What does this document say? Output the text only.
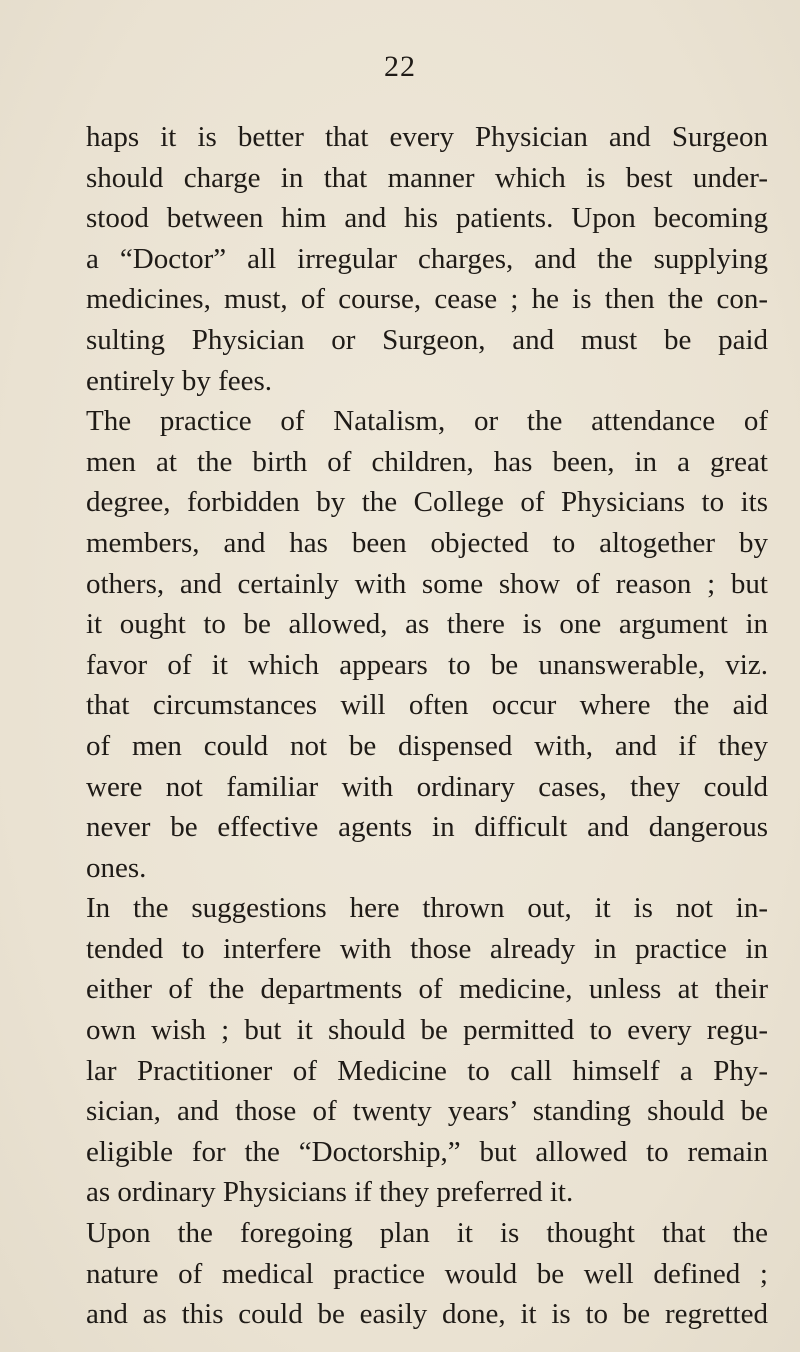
22
haps it is better that every Physician and Surgeon
should charge in that manner which is best under-
stood between him and his patients. Upon becoming
a “Doctor” all irregular charges, and the supplying
medicines, must, of course, cease ; he is then the con-
sulting Physician or Surgeon, and must be paid
entirely by fees.
The practice of Natalism, or the attendance of
men at the birth of children, has been, in a great
degree, forbidden by the College of Physicians to its
members, and has been objected to altogether by
others, and certainly with some show of reason ; but
it ought to be allowed, as there is one argument in
favor of it which appears to be unanswerable, viz.
that circumstances will often occur where the aid
of men could not be dispensed with, and if they
were not familiar with ordinary cases, they could
never be effective agents in difficult and dangerous
ones.
In the suggestions here thrown out, it is not in-
tended to interfere with those already in practice in
either of the departments of medicine, unless at their
own wish ; but it should be permitted to every regu-
lar Practitioner of Medicine to call himself a Phy-
sician, and those of twenty years’ standing should be
eligible for the “Doctorship,” but allowed to remain
as ordinary Physicians if they preferred it.
Upon the foregoing plan it is thought that the
nature of medical practice would be well defined ;
and as this could be easily done, it is to be regretted
